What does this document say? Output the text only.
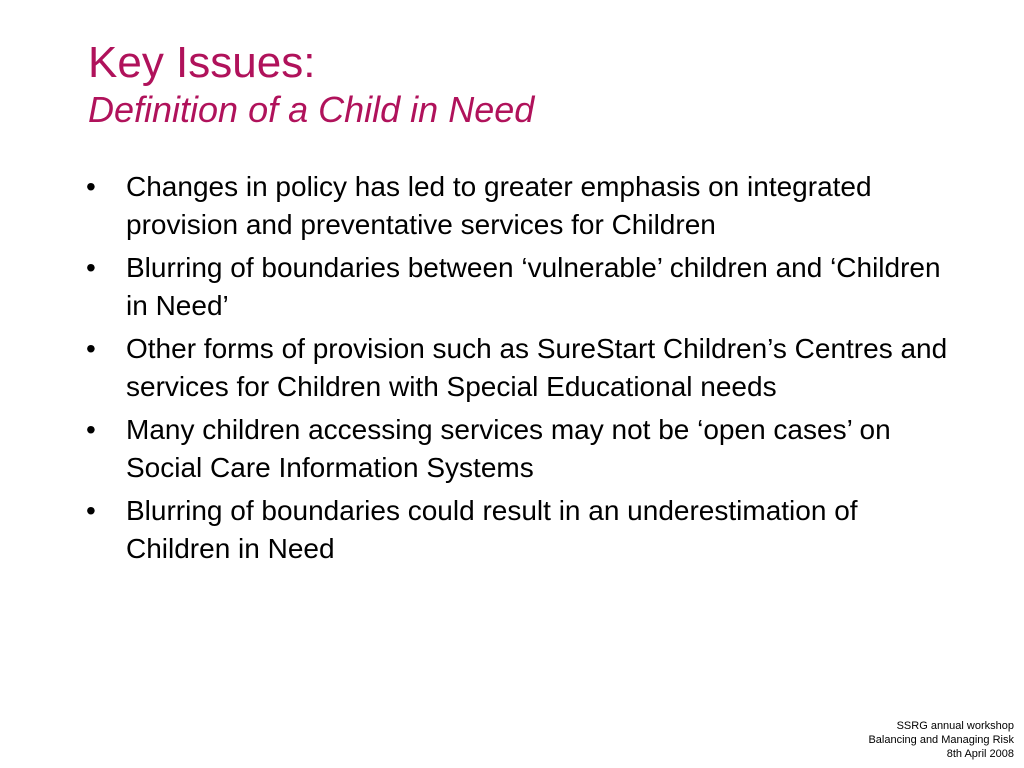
Key Issues:
Definition of a Child in Need
•	Changes in policy has led to greater emphasis on integrated provision and preventative services for Children
•	Blurring of boundaries between ‘vulnerable’ children and ‘Children in Need’
•	Other forms of provision such as SureStart Children’s Centres and services for Children with Special Educational needs
•	Many children accessing services may not be ‘open cases’ on Social Care Information Systems
•	Blurring of boundaries could result in an underestimation of Children in Need
SSRG annual workshop
Balancing and Managing Risk
8th April 2008
